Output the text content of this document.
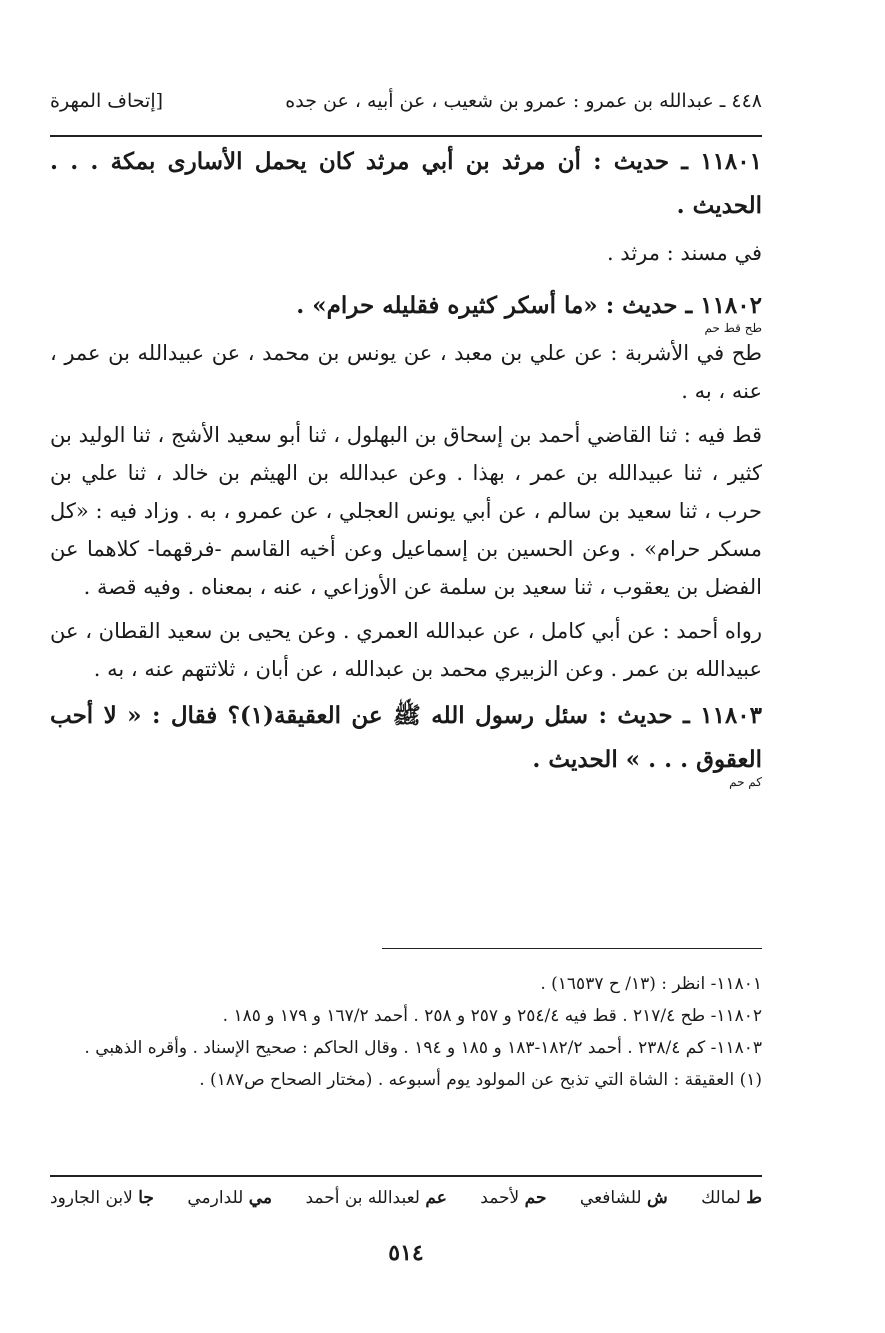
٤٤٨ ـ عبدالله بن عمرو : عمرو بن شعيب ، عن أبيه ، عن جده
[إتحاف المهرة

١١٨٠١ ـ حديث : أن مرثد بن أبي مرثد كان يحمل الأسارى بمكة . . . الحديث .

في مسند : مرثد .

١١٨٠٢ ـ حديث : «ما أسكر كثيره فقليله حرام» .

طح قط حم

طح في الأشربة : عن علي بن معبد ، عن يونس بن محمد ، عن عبيدالله بن عمر ، عنه ، به .

قط فيه : ثنا القاضي أحمد بن إسحاق بن البهلول ، ثنا أبو سعيد الأشج ، ثنا الوليد بن كثير ، ثنا عبيدالله بن عمر ، بهذا . وعن عبدالله بن الهيثم بن خالد ، ثنا علي بن حرب ، ثنا سعيد بن سالم ، عن أبي يونس العجلي ، عن عمرو ، به . وزاد فيه : «كل مسكر حرام» . وعن الحسين بن إسماعيل وعن أخيه القاسم -فرقهما- كلاهما عن الفضل بن يعقوب ، ثنا سعيد بن سلمة عن الأوزاعي ، عنه ، بمعناه . وفيه قصة .

رواه أحمد : عن أبي كامل ، عن عبدالله العمري . وعن يحيى بن سعيد القطان ، عن عبيدالله بن عمر . وعن الزبيري محمد بن عبدالله ، عن أبان ، ثلاثتهم عنه ، به .

١١٨٠٣ ـ حديث : سئل رسول الله ﷺ عن العقيقة(١)؟ فقال : « لا أحب العقوق . . . » الحديث .

كم حم

١١٨٠١- انظر : (١٣/ ح ١٦٥٣٧) .

١١٨٠٢- طح ٢١٧/٤ . قط فيه ٢٥٤/٤ و ٢٥٧ و ٢٥٨ . أحمد ١٦٧/٢ و ١٧٩ و ١٨٥ .

١١٨٠٣- كم ٢٣٨/٤ . أحمد ١٨٢/٢-١٨٣ و ١٨٥ و ١٩٤ . وقال الحاكم : صحيح الإسناد . وأقره الذهبي .

(١) العقيقة : الشاة التي تذبح عن المولود يوم أسبوعه . (مختار الصحاح ص١٨٧) .

ط لمالك
ش للشافعي
حم لأحمد
عم لعبدالله بن أحمد
مي للدارمي
جا لابن الجارود
٥١٤
